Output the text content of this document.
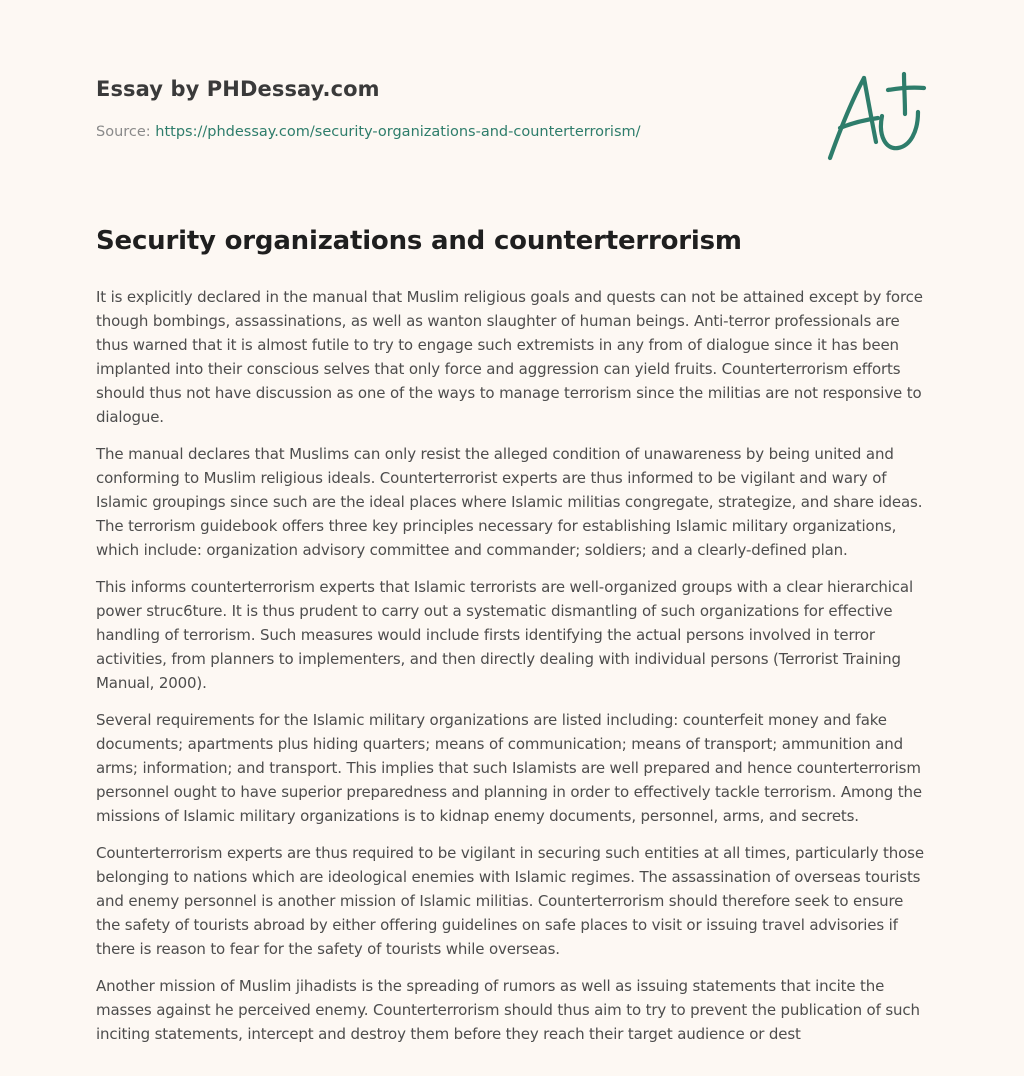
Essay by PHDessay.com
Source: https://phdessay.com/security-organizations-and-counterterrorism/
Security organizations and counterterrorism

It is explicitly declared in the manual that Muslim religious goals and quests can not be attained except by force though bombings, assassinations, as well as wanton slaughter of human beings. Anti-terror professionals are thus warned that it is almost futile to try to engage such extremists in any from of dialogue since it has been implanted into their conscious selves that only force and aggression can yield fruits. Counterterrorism efforts should thus not have discussion as one of the ways to manage terrorism since the militias are not responsive to dialogue.

The manual declares that Muslims can only resist the alleged condition of unawareness by being united and conforming to Muslim religious ideals. Counterterrorist experts are thus informed to be vigilant and wary of Islamic groupings since such are the ideal places where Islamic militias congregate, strategize, and share ideas. The terrorism guidebook offers three key principles necessary for establishing Islamic military organizations, which include: organization advisory committee and commander; soldiers; and a clearly-defined plan.

This informs counterterrorism experts that Islamic terrorists are well-organized groups with a clear hierarchical power struc6ture. It is thus prudent to carry out a systematic dismantling of such organizations for effective handling of terrorism. Such measures would include firsts identifying the actual persons involved in terror activities, from planners to implementers, and then directly dealing with individual persons (Terrorist Training Manual, 2000).

Several requirements for the Islamic military organizations are listed including: counterfeit money and fake documents; apartments plus hiding quarters; means of communication; means of transport; ammunition and arms; information; and transport. This implies that such Islamists are well prepared and hence counterterrorism personnel ought to have superior preparedness and planning in order to effectively tackle terrorism. Among the missions of Islamic military organizations is to kidnap enemy documents, personnel, arms, and secrets.

Counterterrorism experts are thus required to be vigilant in securing such entities at all times, particularly those belonging to nations which are ideological enemies with Islamic regimes. The assassination of overseas tourists and enemy personnel is another mission of Islamic militias. Counterterrorism should therefore seek to ensure the safety of tourists abroad by either offering guidelines on safe places to visit or issuing travel advisories if there is reason to fear for the safety of tourists while overseas.

Another mission of Muslim jihadists is the spreading of rumors as well as issuing statements that incite the masses against he perceived enemy. Counterterrorism should thus aim to try to prevent the publication of such inciting statements, intercept and destroy them before they reach their target audience or dest
